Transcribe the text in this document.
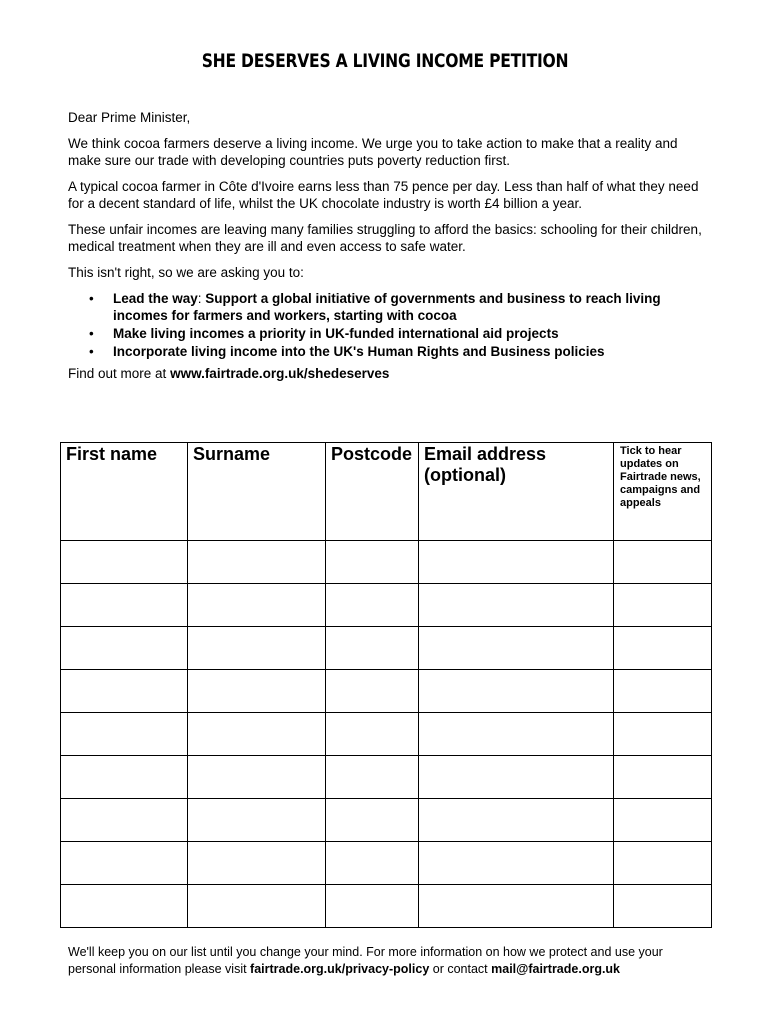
SHE DESERVES A LIVING INCOME PETITION

Dear Prime Minister,

We think cocoa farmers deserve a living income. We urge you to take action to make that a reality and make sure our trade with developing countries puts poverty reduction first.

A typical cocoa farmer in Côte d'Ivoire earns less than 75 pence per day. Less than half of what they need for a decent standard of life, whilst the UK chocolate industry is worth £4 billion a year.

These unfair incomes are leaving many families struggling to afford the basics: schooling for their children, medical treatment when they are ill and even access to safe water.

This isn't right, so we are asking you to:

• Lead the way: Support a global initiative of governments and business to reach living incomes for farmers and workers, starting with cocoa
• Make living incomes a priority in UK-funded international aid projects
• Incorporate living income into the UK's Human Rights and Business policies

Find out more at www.fairtrade.org.uk/shedeserves

First name	Surname	Postcode	Email address (optional)	Tick to hear updates on Fairtrade news, campaigns and appeals

We'll keep you on our list until you change your mind. For more information on how we protect and use your personal information please visit fairtrade.org.uk/privacy-policy or contact mail@fairtrade.org.uk
